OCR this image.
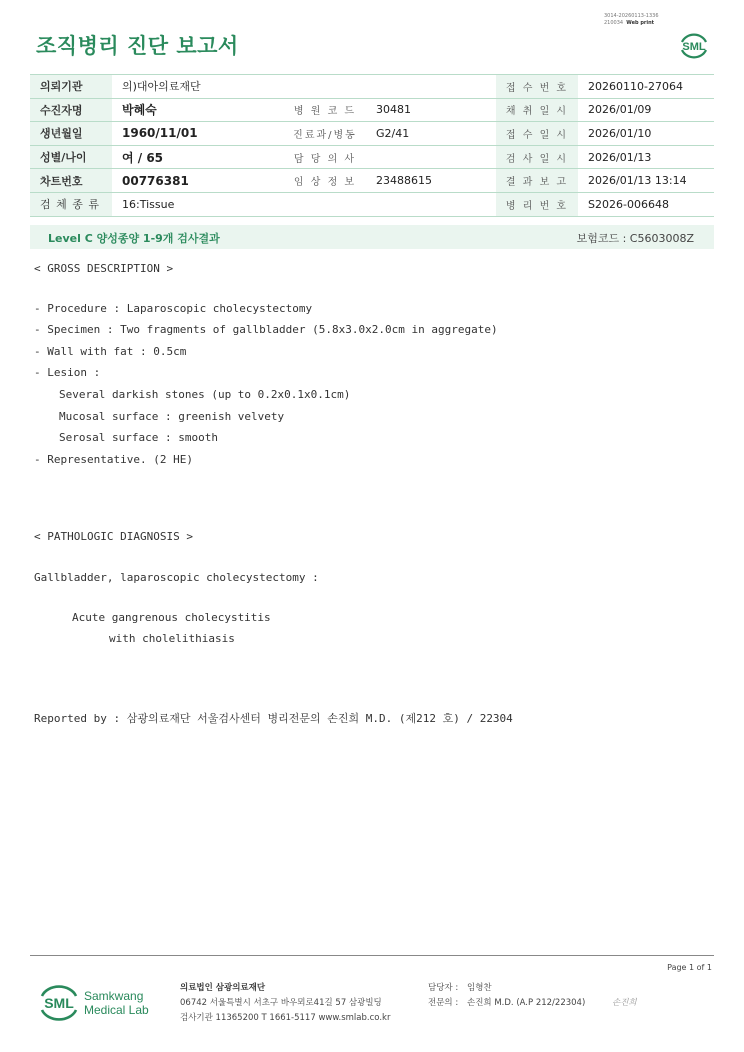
조직병리 진단 보고서
3014-20260113-1336
210034 Web print
SML
의뢰기관	의)대아의료재단			접 수 번 호	20260110-27064
수진자명	박혜숙	병 원 코 드	30481	채 취 일 시	2026/01/09
생년월일	1960/11/01	진료과/병동	G2/41	접 수 일 시	2026/01/10
성별/나이	여 / 65	담 당 의 사		검 사 일 시	2026/01/13
차트번호	00776381	임 상 정 보	23488615	결 과 보 고	2026/01/13 13:14
검 체 종 류	16:Tissue			병 리 번 호	S2026-006648
Level C 양성종양 1-9개 검사결과	보험코드 : C5603008Z
< GROSS DESCRIPTION >
- Procedure : Laparoscopic cholecystectomy
- Specimen : Two fragments of gallbladder (5.8x3.0x2.0cm in aggregate)
- Wall with fat : 0.5cm
- Lesion :
Several darkish stones (up to 0.2x0.1x0.1cm)
Mucosal surface : greenish velvety
Serosal surface : smooth
- Representative. (2 HE)
< PATHOLOGIC DIAGNOSIS >
Gallbladder, laparoscopic cholecystectomy :
Acute gangrenous cholecystitis
with cholelithiasis
Reported by : 삼광의료재단 서울검사센터 병리전문의 손진희 M.D. (제212 호) / 22304
Page 1 of 1
SML Samkwang
Medical Lab
의료법인 삼광의료재단
06742 서울특별시 서초구 바우뫼로41길 57 삼광빌딩
검사기관 11365200 T 1661-5117 www.smlab.co.kr
담당자 : 임형찬
전문의 : 손진희 M.D. (A.P 212/22304)	손진희
